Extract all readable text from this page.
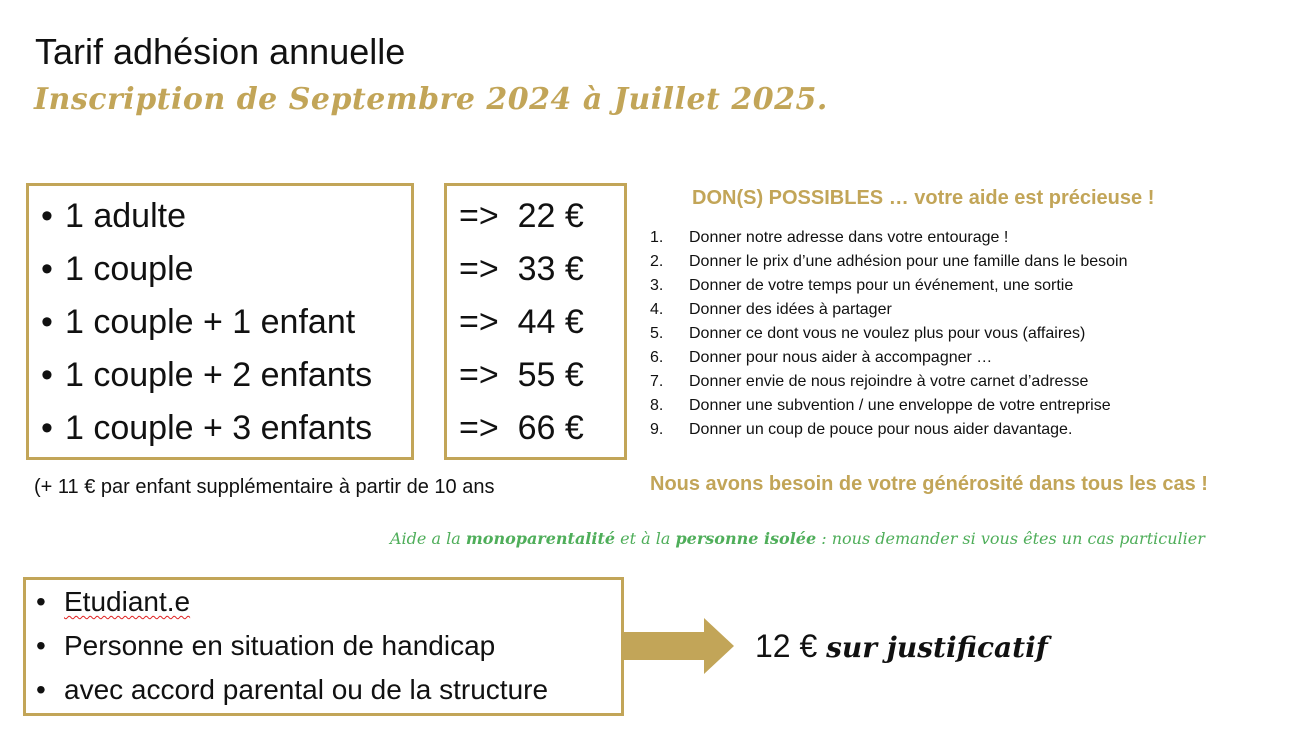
Tarif adhésion annuelle
Inscription de Septembre 2024 à Juillet 2025.
• 1 adulte
• 1 couple
• 1 couple + 1 enfant
• 1 couple + 2 enfants
• 1 couple + 3 enfants
=> 22 €
=> 33 €
=> 44 €
=> 55 €
=> 66 €
(+ 11 € par enfant supplémentaire à partir de 10 ans
DON(S) POSSIBLES … votre aide est précieuse !
1. Donner notre adresse dans votre entourage !
2. Donner le prix d’une adhésion pour une famille dans le besoin
3. Donner de votre temps pour un événement, une sortie
4. Donner des idées à partager
5. Donner ce dont vous ne voulez plus pour vous (affaires)
6. Donner pour nous aider à accompagner …
7. Donner envie de nous rejoindre à votre carnet d’adresse
8. Donner une subvention / une enveloppe de votre entreprise
9. Donner un coup de pouce pour nous aider davantage.
Nous avons besoin de votre générosité dans tous les cas !
Aide a la monoparentalité et à la personne isolée : nous demander si vous êtes un cas particulier
• Etudiant.e
• Personne en situation de handicap
• avec accord parental ou de la structure
12 € sur justificatif
